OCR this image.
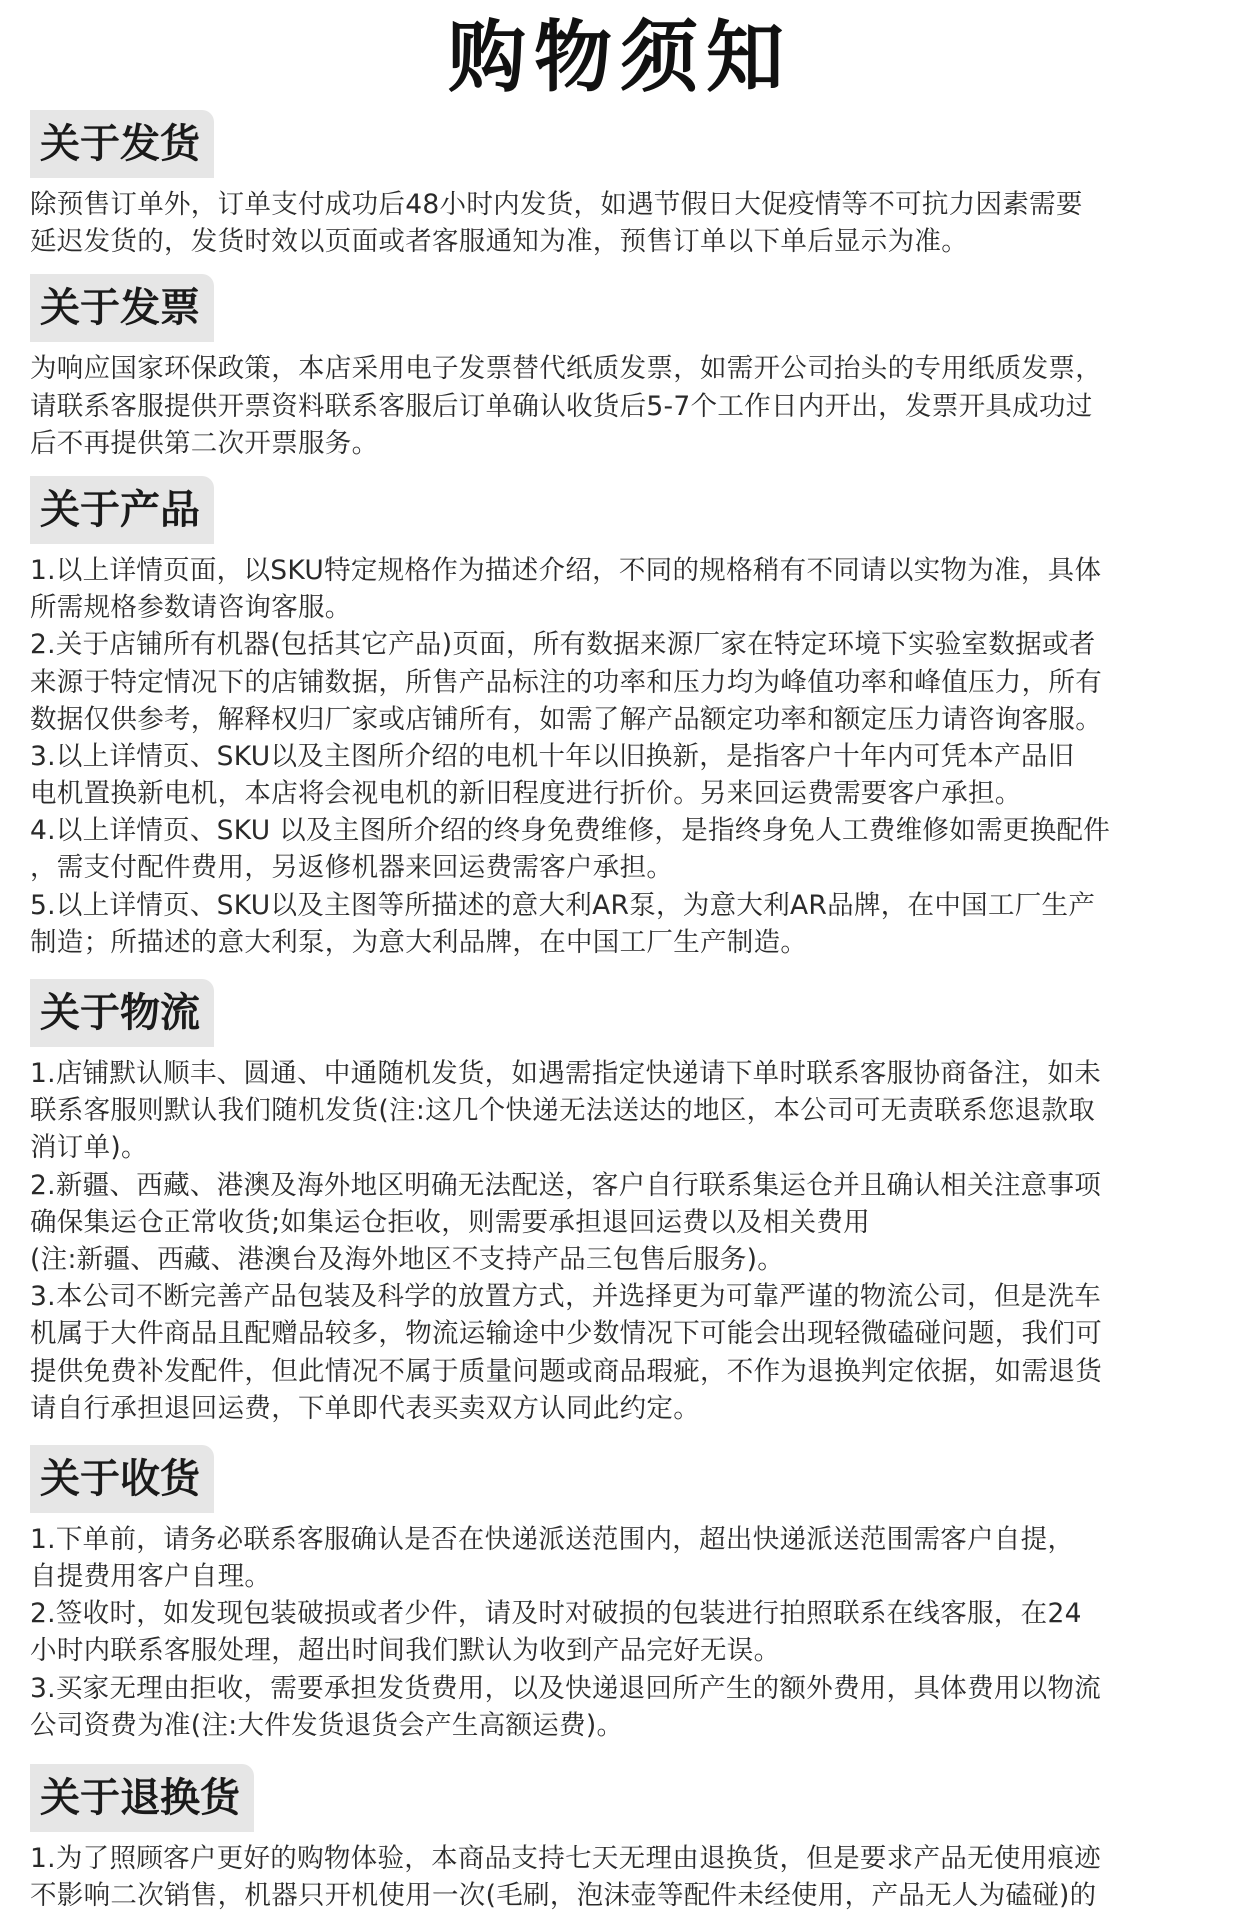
购物须知
关于发货
除预售订单外，订单支付成功后48小时内发货，如遇节假日大促疫情等不可抗力因素需要
延迟发货的，发货时效以页面或者客服通知为准，预售订单以下单后显示为准。
关于发票
为响应国家环保政策，本店采用电子发票替代纸质发票，如需开公司抬头的专用纸质发票，
请联系客服提供开票资料联系客服后订单确认收货后5-7个工作日内开出，发票开具成功过
后不再提供第二次开票服务。
关于产品
1.以上详情页面，以SKU特定规格作为描述介绍，不同的规格稍有不同请以实物为准，具体
所需规格参数请咨询客服。
2.关于店铺所有机器(包括其它产品)页面，所有数据来源厂家在特定环境下实验室数据或者
来源于特定情况下的店铺数据，所售产品标注的功率和压力均为峰值功率和峰值压力，所有
数据仅供参考，解释权归厂家或店铺所有，如需了解产品额定功率和额定压力请咨询客服。
3.以上详情页、SKU以及主图所介绍的电机十年以旧换新，是指客户十年内可凭本产品旧
电机置换新电机，本店将会视电机的新旧程度进行折价。另来回运费需要客户承担。
4.以上详情页、SKU 以及主图所介绍的终身免费维修，是指终身免人工费维修如需更换配件
，需支付配件费用，另返修机器来回运费需客户承担。
5.以上详情页、SKU以及主图等所描述的意大利AR泵，为意大利AR品牌，在中国工厂生产
制造；所描述的意大利泵，为意大利品牌，在中国工厂生产制造。
关于物流
1.店铺默认顺丰、圆通、中通随机发货，如遇需指定快递请下单时联系客服协商备注，如未
联系客服则默认我们随机发货(注:这几个快递无法送达的地区，本公司可无责联系您退款取
消订单)。
2.新疆、西藏、港澳及海外地区明确无法配送，客户自行联系集运仓并且确认相关注意事项
确保集运仓正常收货;如集运仓拒收，则需要承担退回运费以及相关费用
(注:新疆、西藏、港澳台及海外地区不支持产品三包售后服务)。
3.本公司不断完善产品包装及科学的放置方式，并选择更为可靠严谨的物流公司，但是洗车
机属于大件商品且配赠品较多，物流运输途中少数情况下可能会出现轻微磕碰问题，我们可
提供免费补发配件，但此情况不属于质量问题或商品瑕疵，不作为退换判定依据，如需退货
请自行承担退回运费，下单即代表买卖双方认同此约定。
关于收货
1.下单前，请务必联系客服确认是否在快递派送范围内，超出快递派送范围需客户自提，
自提费用客户自理。
2.签收时，如发现包装破损或者少件，请及时对破损的包装进行拍照联系在线客服，在24
小时内联系客服处理，超出时间我们默认为收到产品完好无误。
3.买家无理由拒收，需要承担发货费用，以及快递退回所产生的额外费用，具体费用以物流
公司资费为准(注:大件发货退货会产生高额运费)。
关于退换货
1.为了照顾客户更好的购物体验，本商品支持七天无理由退换货，但是要求产品无使用痕迹
不影响二次销售，机器只开机使用一次(毛刷，泡沫壶等配件未经使用，产品无人为磕碰)的
